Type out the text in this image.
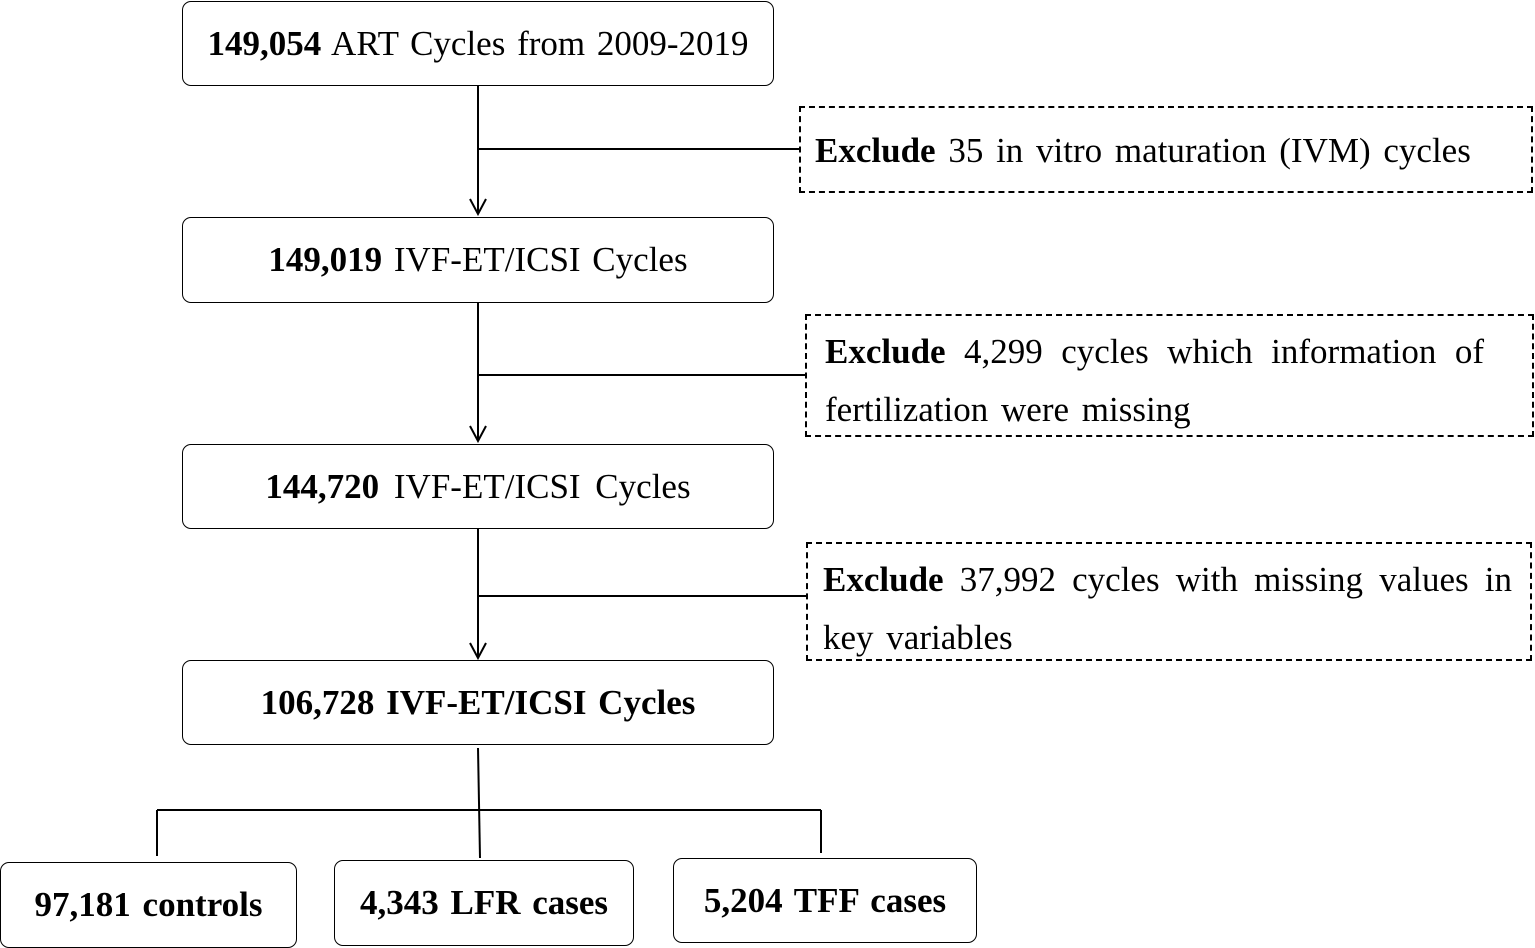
149,054 ART Cycles from 2009-2019
Exclude 35 in vitro maturation (IVM) cycles
149,019 IVF-ET/ICSI Cycles
Exclude 4,299 cycles which information of
fertilization were missing
144,720 IVF-ET/ICSI Cycles
Exclude 37,992 cycles with missing values in
key variables
106,728 IVF-ET/ICSI Cycles
97,181 controls	4,343 LFR cases	5,204 TFF cases
